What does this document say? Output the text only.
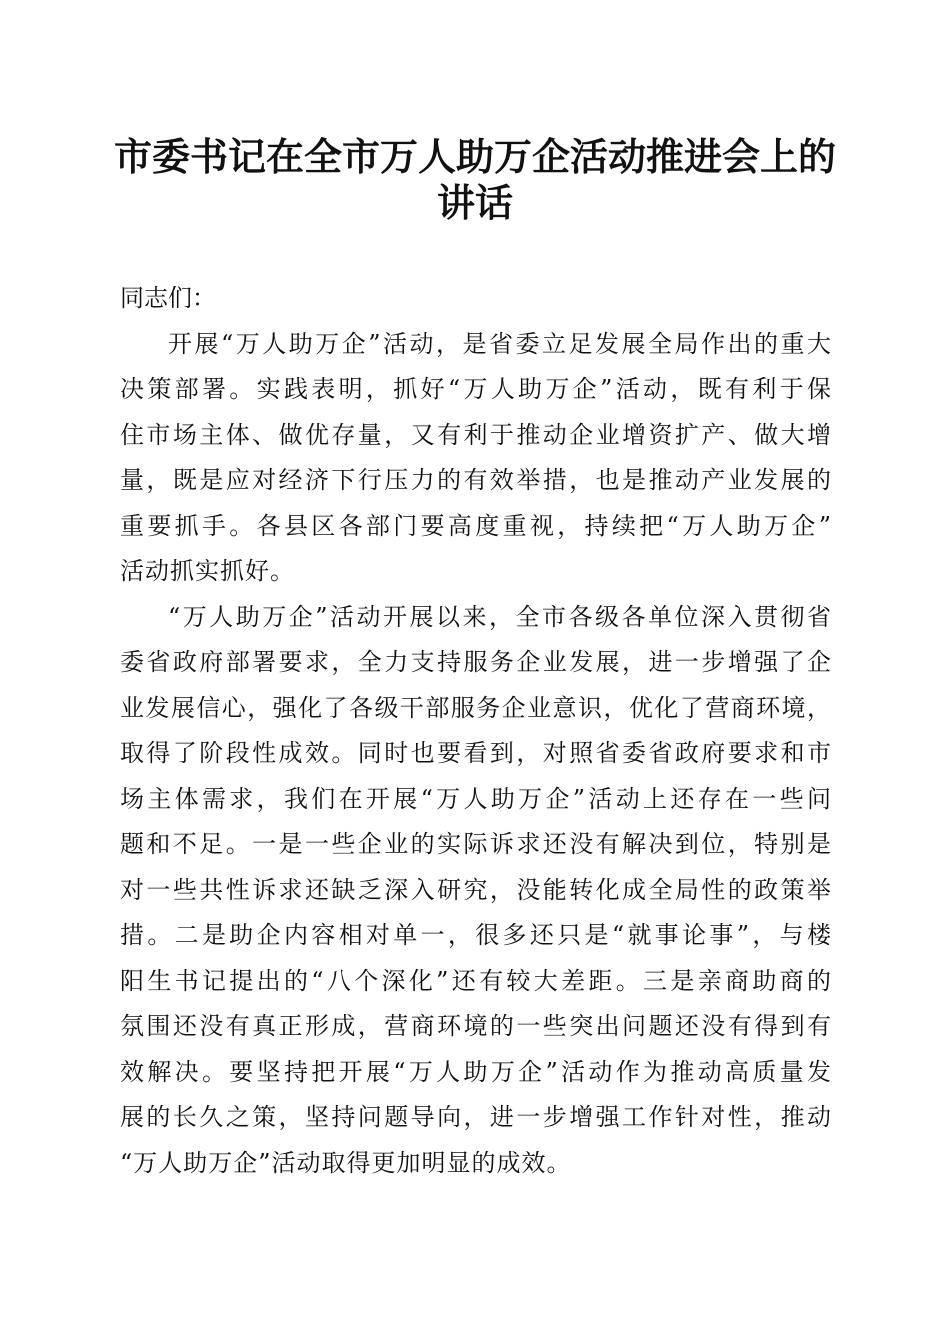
市委书记在全市万人助万企活动推进会上的讲话

同志们：

开展“万人助万企”活动，是省委立足发展全局作出的重大
决策部署。实践表明，抓好“万人助万企”活动，既有利于保
住市场主体、做优存量，又有利于推动企业增资扩产、做大增
量，既是应对经济下行压力的有效举措，也是推动产业发展的
重要抓手。各县区各部门要高度重视，持续把“万人助万企”
活动抓实抓好。

“万人助万企”活动开展以来，全市各级各单位深入贯彻省
委省政府部署要求，全力支持服务企业发展，进一步增强了企
业发展信心，强化了各级干部服务企业意识，优化了营商环境，
取得了阶段性成效。同时也要看到，对照省委省政府要求和市
场主体需求，我们在开展“万人助万企”活动上还存在一些问
题和不足。一是一些企业的实际诉求还没有解决到位，特别是
对一些共性诉求还缺乏深入研究，没能转化成全局性的政策举
措。二是助企内容相对单一，很多还只是“就事论事”，与楼
阳生书记提出的“八个深化”还有较大差距。三是亲商助商的
氛围还没有真正形成，营商环境的一些突出问题还没有得到有
效解决。要坚持把开展“万人助万企”活动作为推动高质量发
展的长久之策，坚持问题导向，进一步增强工作针对性，推动
“万人助万企”活动取得更加明显的成效。
